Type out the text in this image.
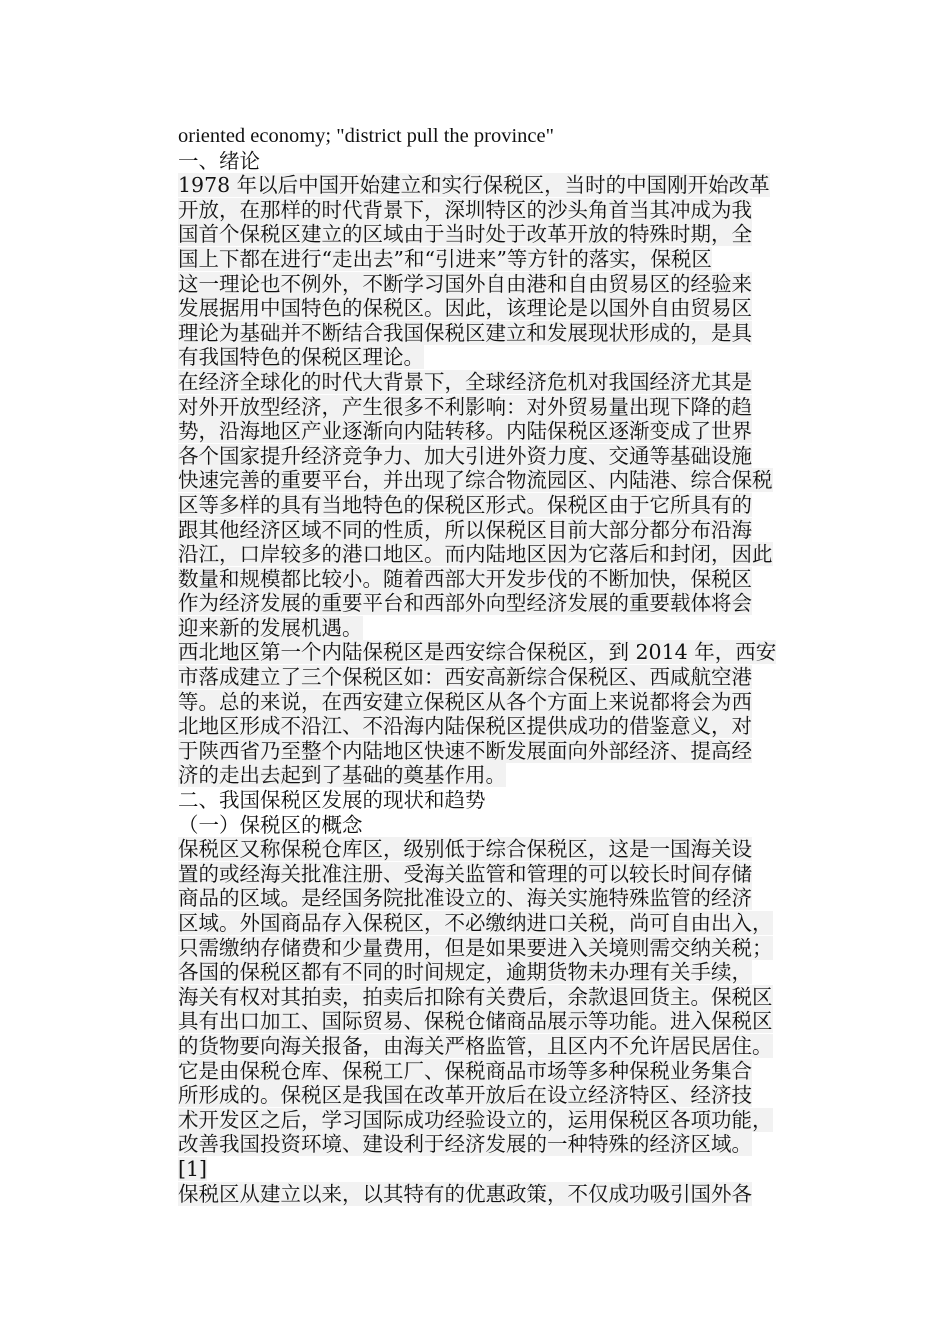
oriented economy; "district pull the province"
一、绪论
1978 年以后中国开始建立和实行保税区，当时的中国刚开始改革
开放，在那样的时代背景下，深圳特区的沙头角首当其冲成为我
国首个保税区建立的区域由于当时处于改革开放的特殊时期，全
国上下都在进行“走出去”和“引进来”等方针的落实，保税区
这一理论也不例外，不断学习国外自由港和自由贸易区的经验来
发展据用中国特色的保税区。因此，该理论是以国外自由贸易区
理论为基础并不断结合我国保税区建立和发展现状形成的，是具
有我国特色的保税区理论。
在经济全球化的时代大背景下，全球经济危机对我国经济尤其是
对外开放型经济，产生很多不利影响：对外贸易量出现下降的趋
势，沿海地区产业逐渐向内陆转移。内陆保税区逐渐变成了世界
各个国家提升经济竞争力、加大引进外资力度、交通等基础设施
快速完善的重要平台，并出现了综合物流园区、内陆港、综合保税
区等多样的具有当地特色的保税区形式。保税区由于它所具有的
跟其他经济区域不同的性质，所以保税区目前大部分都分布沿海
沿江，口岸较多的港口地区。而内陆地区因为它落后和封闭，因此
数量和规模都比较小。随着西部大开发步伐的不断加快，保税区
作为经济发展的重要平台和西部外向型经济发展的重要载体将会
迎来新的发展机遇。
西北地区第一个内陆保税区是西安综合保税区，到 2014 年，西安
市落成建立了三个保税区如：西安高新综合保税区、西咸航空港
等。总的来说，在西安建立保税区从各个方面上来说都将会为西
北地区形成不沿江、不沿海内陆保税区提供成功的借鉴意义，对
于陕西省乃至整个内陆地区快速不断发展面向外部经济、提高经
济的走出去起到了基础的奠基作用。
二、我国保税区发展的现状和趋势
（一）保税区的概念
保税区又称保税仓库区，级别低于综合保税区，这是一国海关设
置的或经海关批准注册、受海关监管和管理的可以较长时间存储
商品的区域。是经国务院批准设立的、海关实施特殊监管的经济
区域。外国商品存入保税区，不必缴纳进口关税，尚可自由出入，
只需缴纳存储费和少量费用，但是如果要进入关境则需交纳关税；
各国的保税区都有不同的时间规定，逾期货物未办理有关手续，
海关有权对其拍卖，拍卖后扣除有关费后，余款退回货主。保税区
具有出口加工、国际贸易、保税仓储商品展示等功能。进入保税区
的货物要向海关报备，由海关严格监管，且区内不允许居民居住。
它是由保税仓库、保税工厂、保税商品市场等多种保税业务集合
所形成的。保税区是我国在改革开放后在设立经济特区、经济技
术开发区之后，学习国际成功经验设立的，运用保税区各项功能，
改善我国投资环境、建设利于经济发展的一种特殊的经济区域。
[1]
保税区从建立以来，以其特有的优惠政策，不仅成功吸引国外各
